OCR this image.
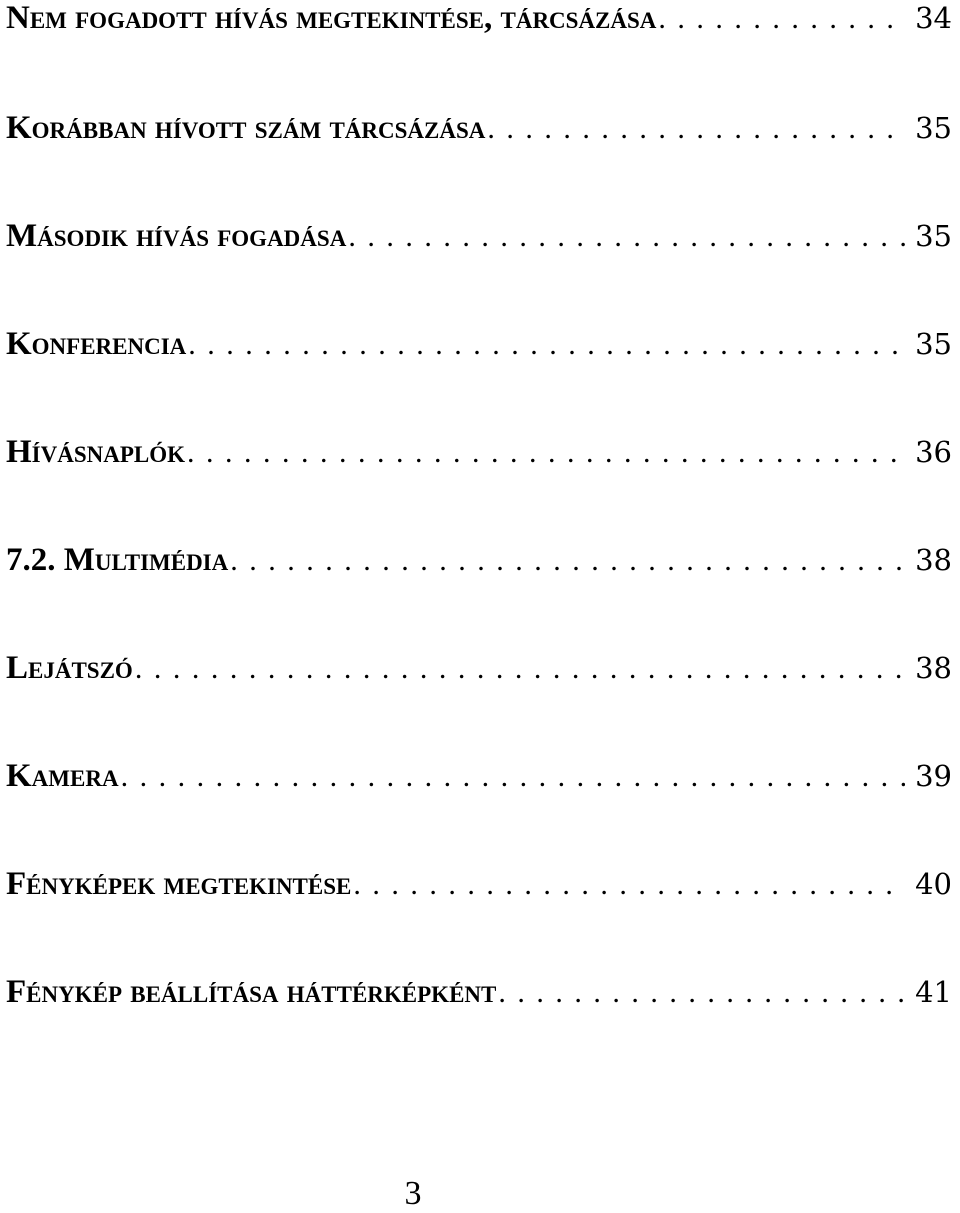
Nem fogadott hívás megtekintése, tárcsázása . . .	34
Korábban hívott szám tárcsázása . . .	35
Második hívás fogadása . . .	35
Konferencia . . .	35
Hívásnaplók . . .	36
7.2. Multimédia . . .	38
Lejátszó . . .	38
Kamera . . .	39
Fényképek megtekintése . . .	40
Fénykép beállítása háttérképként . . .	41
3
